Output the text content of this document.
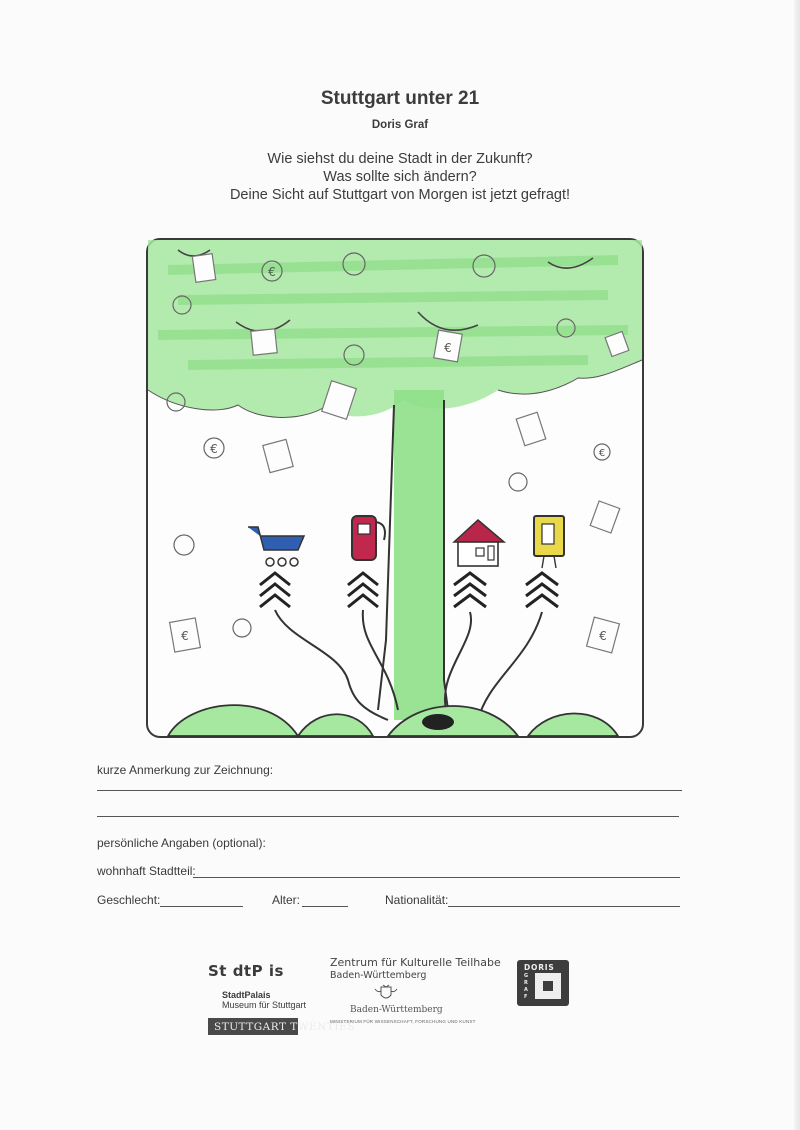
Stuttgart unter 21
Doris Graf
Wie siehst du deine Stadt in der Zukunft?
Was sollte sich ändern?
Deine Sicht auf Stuttgart von Morgen ist jetzt gefragt!
€
€	€
€
€	€
kurze Anmerkung zur Zeichnung:
persönliche Angaben (optional):
wohnhaft Stadtteil:
Geschlecht:	Alter:	Nationalität:
St dtP is
StadtPalais
Museum für Stuttgart
STUTTGART TWENTIES
Zentrum für Kulturelle Teilhabe
Baden-Württemberg
Baden-Württemberg
MINISTERIUM FÜR WISSENSCHAFT, FORSCHUNG UND KUNST
DORIS
G
R
A
F
